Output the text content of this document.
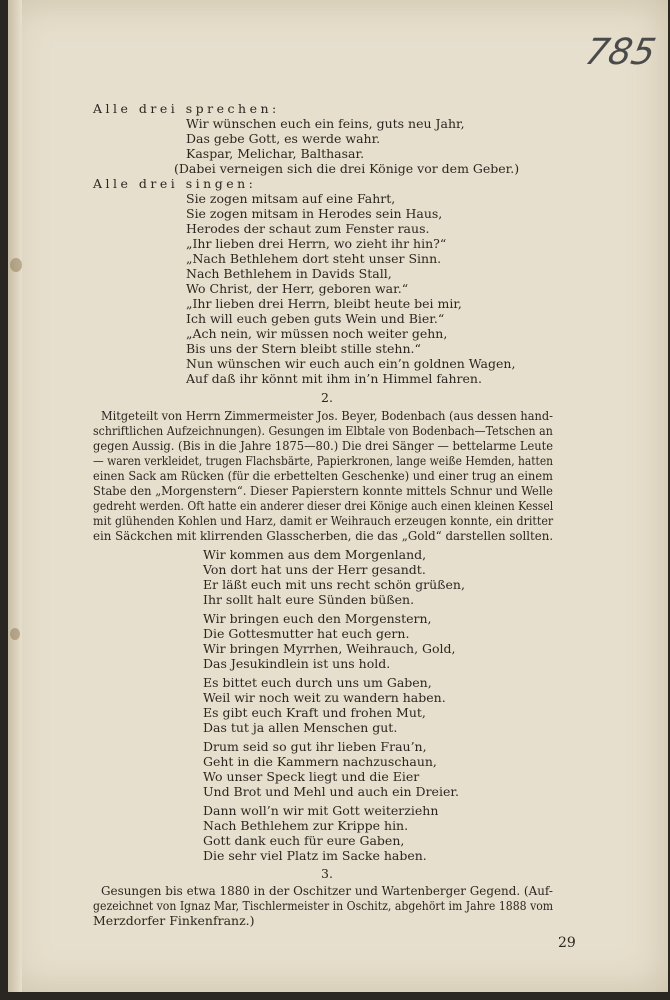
785
Alle drei sprechen:
Wir wünschen euch ein feins, guts neu Jahr,
Das gebe Gott, es werde wahr.
Kaspar, Melichar, Balthasar.
(Dabei verneigen sich die drei Könige vor dem Geber.)
Alle drei singen:
Sie zogen mitsam auf eine Fahrt,
Sie zogen mitsam in Herodes sein Haus,
Herodes der schaut zum Fenster raus.
„Ihr lieben drei Herrn, wo zieht ihr hin?“
„Nach Bethlehem dort steht unser Sinn.
Nach Bethlehem in Davids Stall,
Wo Christ, der Herr, geboren war.“
„Ihr lieben drei Herrn, bleibt heute bei mir,
Ich will euch geben guts Wein und Bier.“
„Ach nein, wir müssen noch weiter gehn,
Bis uns der Stern bleibt stille stehn.“
Nun wünschen wir euch auch ein’n goldnen Wagen,
Auf daß ihr könnt mit ihm in’n Himmel fahren.
2.
Mitgeteilt von Herrn Zimmermeister Jos. Beyer, Bodenbach (aus dessen hand-
schriftlichen Aufzeichnungen). Gesungen im Elbtale von Bodenbach—Tetschen an
gegen Aussig. (Bis in die Jahre 1875—80.) Die drei Sänger — bettelarme Leute
— waren verkleidet, trugen Flachsbärte, Papierkronen, lange weiße Hemden, hatten
einen Sack am Rücken (für die erbettelten Geschenke) und einer trug an einem
Stabe den „Morgenstern“. Dieser Papierstern konnte mittels Schnur und Welle
gedreht werden. Oft hatte ein anderer dieser drei Könige auch einen kleinen Kessel
mit glühenden Kohlen und Harz, damit er Weihrauch erzeugen konnte, ein dritter
ein Säckchen mit klirrenden Glasscherben, die das „Gold“ darstellen sollten.
Wir kommen aus dem Morgenland,
Von dort hat uns der Herr gesandt.
Er läßt euch mit uns recht schön grüßen,
Ihr sollt halt eure Sünden büßen.
Wir bringen euch den Morgenstern,
Die Gottesmutter hat euch gern.
Wir bringen Myrrhen, Weihrauch, Gold,
Das Jesukindlein ist uns hold.
Es bittet euch durch uns um Gaben,
Weil wir noch weit zu wandern haben.
Es gibt euch Kraft und frohen Mut,
Das tut ja allen Menschen gut.
Drum seid so gut ihr lieben Frau’n,
Geht in die Kammern nachzuschaun,
Wo unser Speck liegt und die Eier
Und Brot und Mehl und auch ein Dreier.
Dann woll’n wir mit Gott weiterziehn
Nach Bethlehem zur Krippe hin.
Gott dank euch für eure Gaben,
Die sehr viel Platz im Sacke haben.
3.
Gesungen bis etwa 1880 in der Oschitzer und Wartenberger Gegend. (Auf-
gezeichnet von Ignaz Mar, Tischlermeister in Oschitz, abgehört im Jahre 1888 vom
Merzdorfer Finkenfranz.)
29
